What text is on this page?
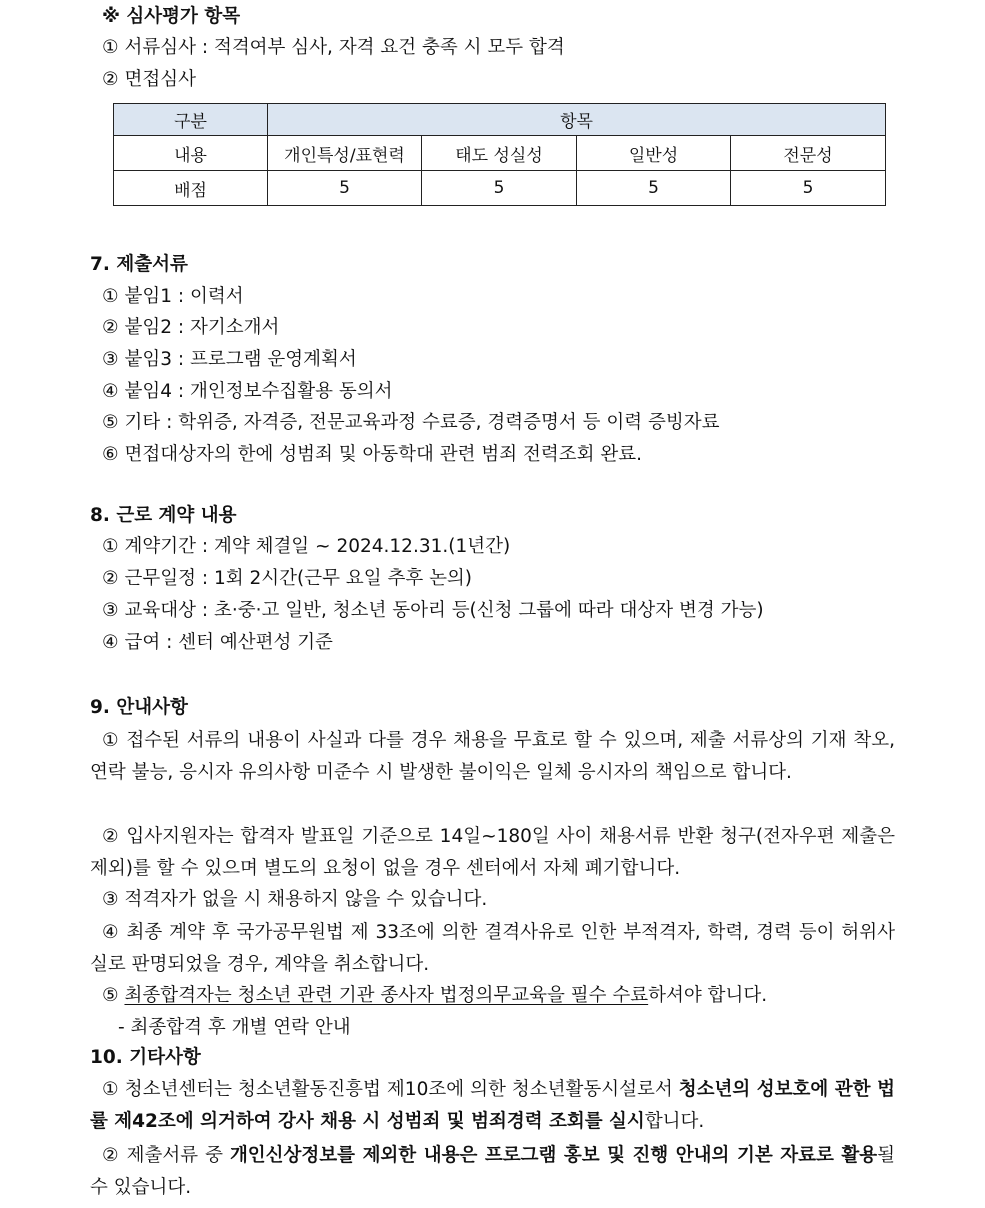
※ 심사평가 항목
① 서류심사 : 적격여부 심사, 자격 요건 충족 시 모두 합격
② 면접심사
구분	항목			
내용	개인특성/표현력	태도 성실성	일반성	전문성
배점	5	5	5	5
7. 제출서류
① 붙임1 : 이력서
② 붙임2 : 자기소개서
③ 붙임3 : 프로그램 운영계획서
④ 붙임4 : 개인정보수집활용 동의서
⑤ 기타 : 학위증, 자격증, 전문교육과정 수료증, 경력증명서 등 이력 증빙자료
⑥ 면접대상자의 한에 성범죄 및 아동학대 관련 범죄 전력조회 완료.
8. 근로 계약 내용
① 계약기간 : 계약 체결일 ~ 2024.12.31.(1년간)
② 근무일정 : 1회 2시간(근무 요일 추후 논의)
③ 교육대상 : 초·중·고 일반, 청소년 동아리 등(신청 그룹에 따라 대상자 변경 가능)
④ 급여 : 센터 예산편성 기준
9. 안내사항
① 접수된 서류의 내용이 사실과 다를 경우 채용을 무효로 할 수 있으며, 제출 서류상의 기재 착오, 연락 불능, 응시자 유의사항 미준수 시 발생한 불이익은 일체 응시자의 책임으로 합니다.
② 입사지원자는 합격자 발표일 기준으로 14일~180일 사이 채용서류 반환 청구(전자우편 제출은 제외)를 할 수 있으며 별도의 요청이 없을 경우 센터에서 자체 폐기합니다.
③ 적격자가 없을 시 채용하지 않을 수 있습니다.
④ 최종 계약 후 국가공무원법 제 33조에 의한 결격사유로 인한 부적격자, 학력, 경력 등이 허위사실로 판명되었을 경우, 계약을 취소합니다.
⑤ 최종합격자는 청소년 관련 기관 종사자 법정의무교육을 필수 수료하셔야 합니다.
- 최종합격 후 개별 연락 안내
10. 기타사항
① 청소년센터는 청소년활동진흥법 제10조에 의한 청소년활동시설로서 청소년의 성보호에 관한 법률 제42조에 의거하여 강사 채용 시 성범죄 및 범죄경력 조회를 실시합니다.
② 제출서류 중 개인신상정보를 제외한 내용은 프로그램 홍보 및 진행 안내의 기본 자료로 활용될 수 있습니다.
